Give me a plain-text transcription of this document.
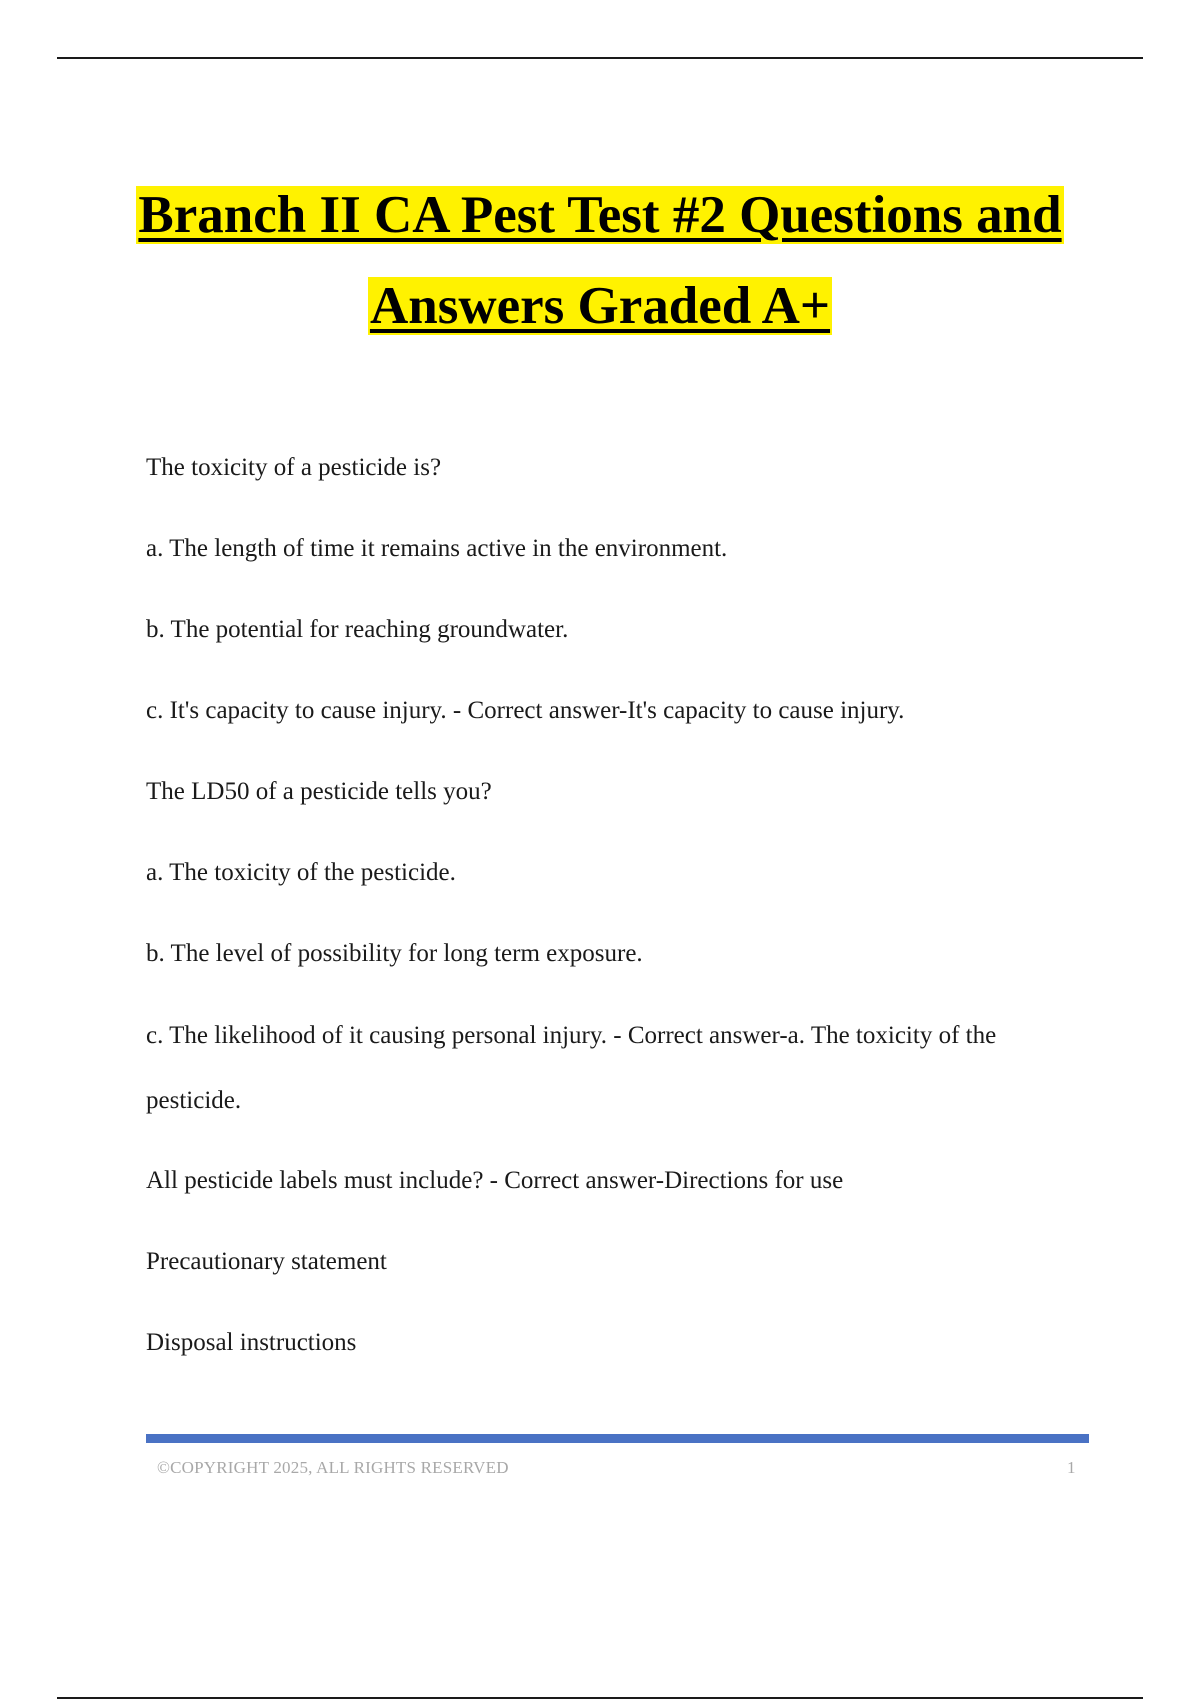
Branch II CA Pest Test #2 Questions and
Answers Graded A+

The toxicity of a pesticide is?

a. The length of time it remains active in the environment.

b. The potential for reaching groundwater.

c. It's capacity to cause injury. - Correct answer-It's capacity to cause injury.

The LD50 of a pesticide tells you?

a. The toxicity of the pesticide.

b. The level of possibility for long term exposure.

c. The likelihood of it causing personal injury. - Correct answer-a. The toxicity of the pesticide.

All pesticide labels must include? - Correct answer-Directions for use

Precautionary statement

Disposal instructions

©COPYRIGHT 2025, ALL RIGHTS RESERVED	1
